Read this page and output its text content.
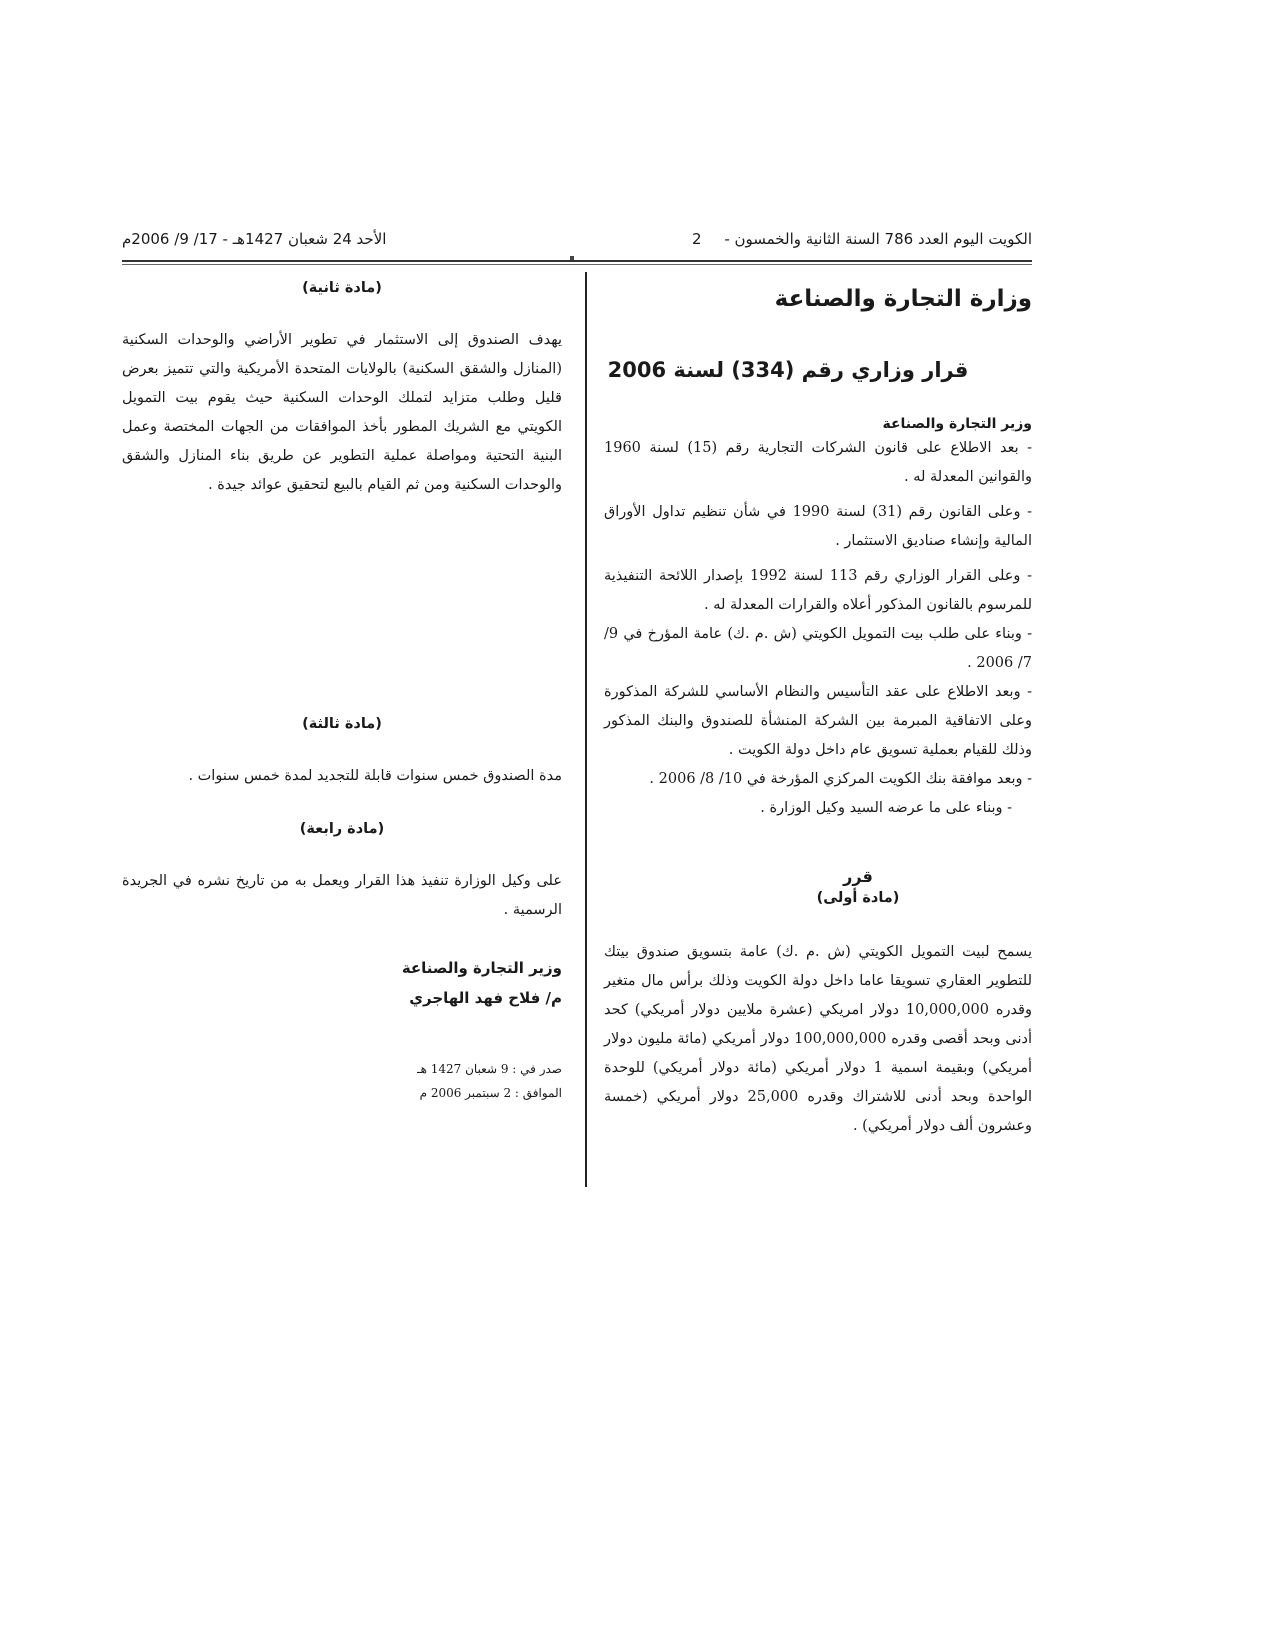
الكويت اليوم العدد 786 السنة الثانية والخمسون - 2
الأحد 24 شعبان 1427هـ - 17/ 9/ 2006م
وزارة التجارة والصناعة
قرار وزاري رقم (334) لسنة 2006
وزير التجارة والصناعة

- بعد الاطلاع على قانون الشركات التجارية رقم (15) لسنة 1960 والقوانين المعدلة له .

- وعلى القانون رقم (31) لسنة 1990 في شأن تنظيم تداول الأوراق المالية وإنشاء صناديق الاستثمار .

- وعلى القرار الوزاري رقم 113 لسنة 1992 بإصدار اللائحة التنفيذية للمرسوم بالقانون المذكور أعلاه والقرارات المعدلة له .

- وبناء على طلب بيت التمويل الكويتي (ش .م .ك) عامة المؤرخ في 9/ 7/ 2006 .

- وبعد الاطلاع على عقد التأسيس والنظام الأساسي للشركة المذكورة وعلى الاتفاقية المبرمة بين الشركة المنشأة للصندوق والبنك المذكور وذلك للقيام بعملية تسويق عام داخل دولة الكويت .

- وبعد موافقة بنك الكويت المركزي المؤرخة في 10/ 8/ 2006 .

- وبناء على ما عرضه السيد وكيل الوزارة .

قرر
(مادة أولى)

يسمح لبيت التمويل الكويتي (ش .م .ك) عامة بتسويق صندوق بيتك للتطوير العقاري تسويقا عاما داخل دولة الكويت وذلك برأس مال متغير وقدره 10,000,000 دولار امريكي (عشرة ملايين دولار أمريكي) كحد أدنى وبحد أقصى وقدره 100,000,000 دولار أمريكي (مائة مليون دولار أمريكي) وبقيمة اسمية 1 دولار أمريكي (مائة دولار أمريكي) للوحدة الواحدة وبحد أدنى للاشتراك وقدره 25,000 دولار أمريكي (خمسة وعشرون ألف دولار أمريكي) .

(مادة ثانية)

يهدف الصندوق إلى الاستثمار في تطوير الأراضي والوحدات السكنية (المنازل والشقق السكنية) بالولايات المتحدة الأمريكية والتي تتميز بعرض قليل وطلب متزايد لتملك الوحدات السكنية حيث يقوم بيت التمويل الكويتي مع الشريك المطور بأخذ الموافقات من الجهات المختصة وعمل البنية التحتية ومواصلة عملية التطوير عن طريق بناء المنازل والشقق والوحدات السكنية ومن ثم القيام بالبيع لتحقيق عوائد جيدة .

(مادة ثالثة)

مدة الصندوق خمس سنوات قابلة للتجديد لمدة خمس سنوات .

(مادة رابعة)

على وكيل الوزارة تنفيذ هذا القرار ويعمل به من تاريخ نشره في الجريدة الرسمية .

وزير التجارة والصناعة
م/ فلاح فهد الهاجري
صدر في : 9 شعبان 1427 هـ
الموافق : 2 سبتمبر 2006 م
